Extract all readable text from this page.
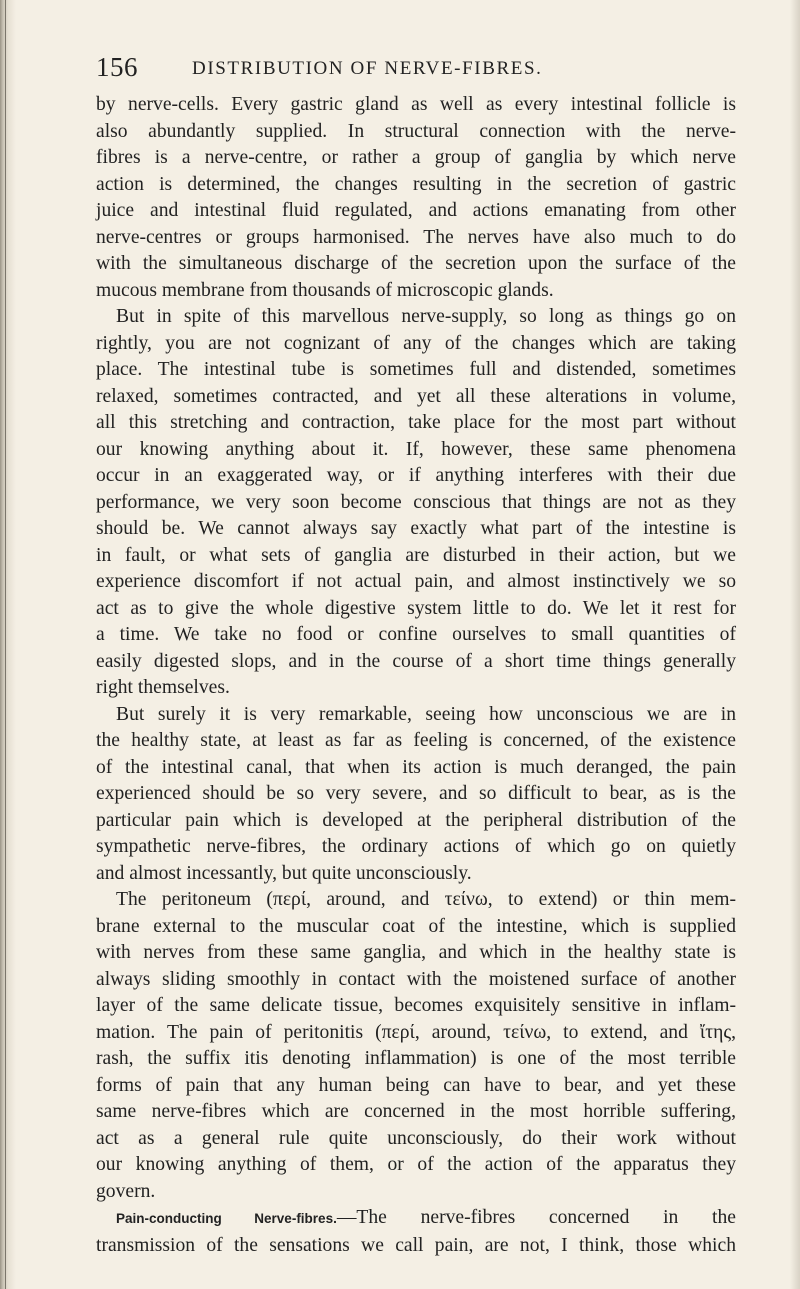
156	DISTRIBUTION OF NERVE-FIBRES.
by nerve-cells. Every gastric gland as well as every intestinal follicle is
also abundantly supplied. In structural connection with the nerve-
fibres is a nerve-centre, or rather a group of ganglia by which nerve
action is determined, the changes resulting in the secretion of gastric
juice and intestinal fluid regulated, and actions emanating from other
nerve-centres or groups harmonised. The nerves have also much to do
with the simultaneous discharge of the secretion upon the surface of the
mucous membrane from thousands of microscopic glands.
But in spite of this marvellous nerve-supply, so long as things go on
rightly, you are not cognizant of any of the changes which are taking
place. The intestinal tube is sometimes full and distended, sometimes
relaxed, sometimes contracted, and yet all these alterations in volume,
all this stretching and contraction, take place for the most part without
our knowing anything about it. If, however, these same phenomena
occur in an exaggerated way, or if anything interferes with their due
performance, we very soon become conscious that things are not as they
should be. We cannot always say exactly what part of the intestine is
in fault, or what sets of ganglia are disturbed in their action, but we
experience discomfort if not actual pain, and almost instinctively we so
act as to give the whole digestive system little to do. We let it rest for
a time. We take no food or confine ourselves to small quantities of
easily digested slops, and in the course of a short time things generally
right themselves.
But surely it is very remarkable, seeing how unconscious we are in
the healthy state, at least as far as feeling is concerned, of the existence
of the intestinal canal, that when its action is much deranged, the pain
experienced should be so very severe, and so difficult to bear, as is the
particular pain which is developed at the peripheral distribution of the
sympathetic nerve-fibres, the ordinary actions of which go on quietly
and almost incessantly, but quite unconsciously.
The peritoneum (περί, around, and τείνω, to extend) or thin mem-
brane external to the muscular coat of the intestine, which is supplied
with nerves from these same ganglia, and which in the healthy state is
always sliding smoothly in contact with the moistened surface of another
layer of the same delicate tissue, becomes exquisitely sensitive in inflam-
mation. The pain of peritonitis (περί, around, τείνω, to extend, and ἴτης,
rash, the suffix itis denoting inflammation) is one of the most terrible
forms of pain that any human being can have to bear, and yet these
same nerve-fibres which are concerned in the most horrible suffering,
act as a general rule quite unconsciously, do their work without
our knowing anything of them, or of the action of the apparatus they
govern.
Pain-conducting Nerve-fibres.—The nerve-fibres concerned in the
transmission of the sensations we call pain, are not, I think, those which
